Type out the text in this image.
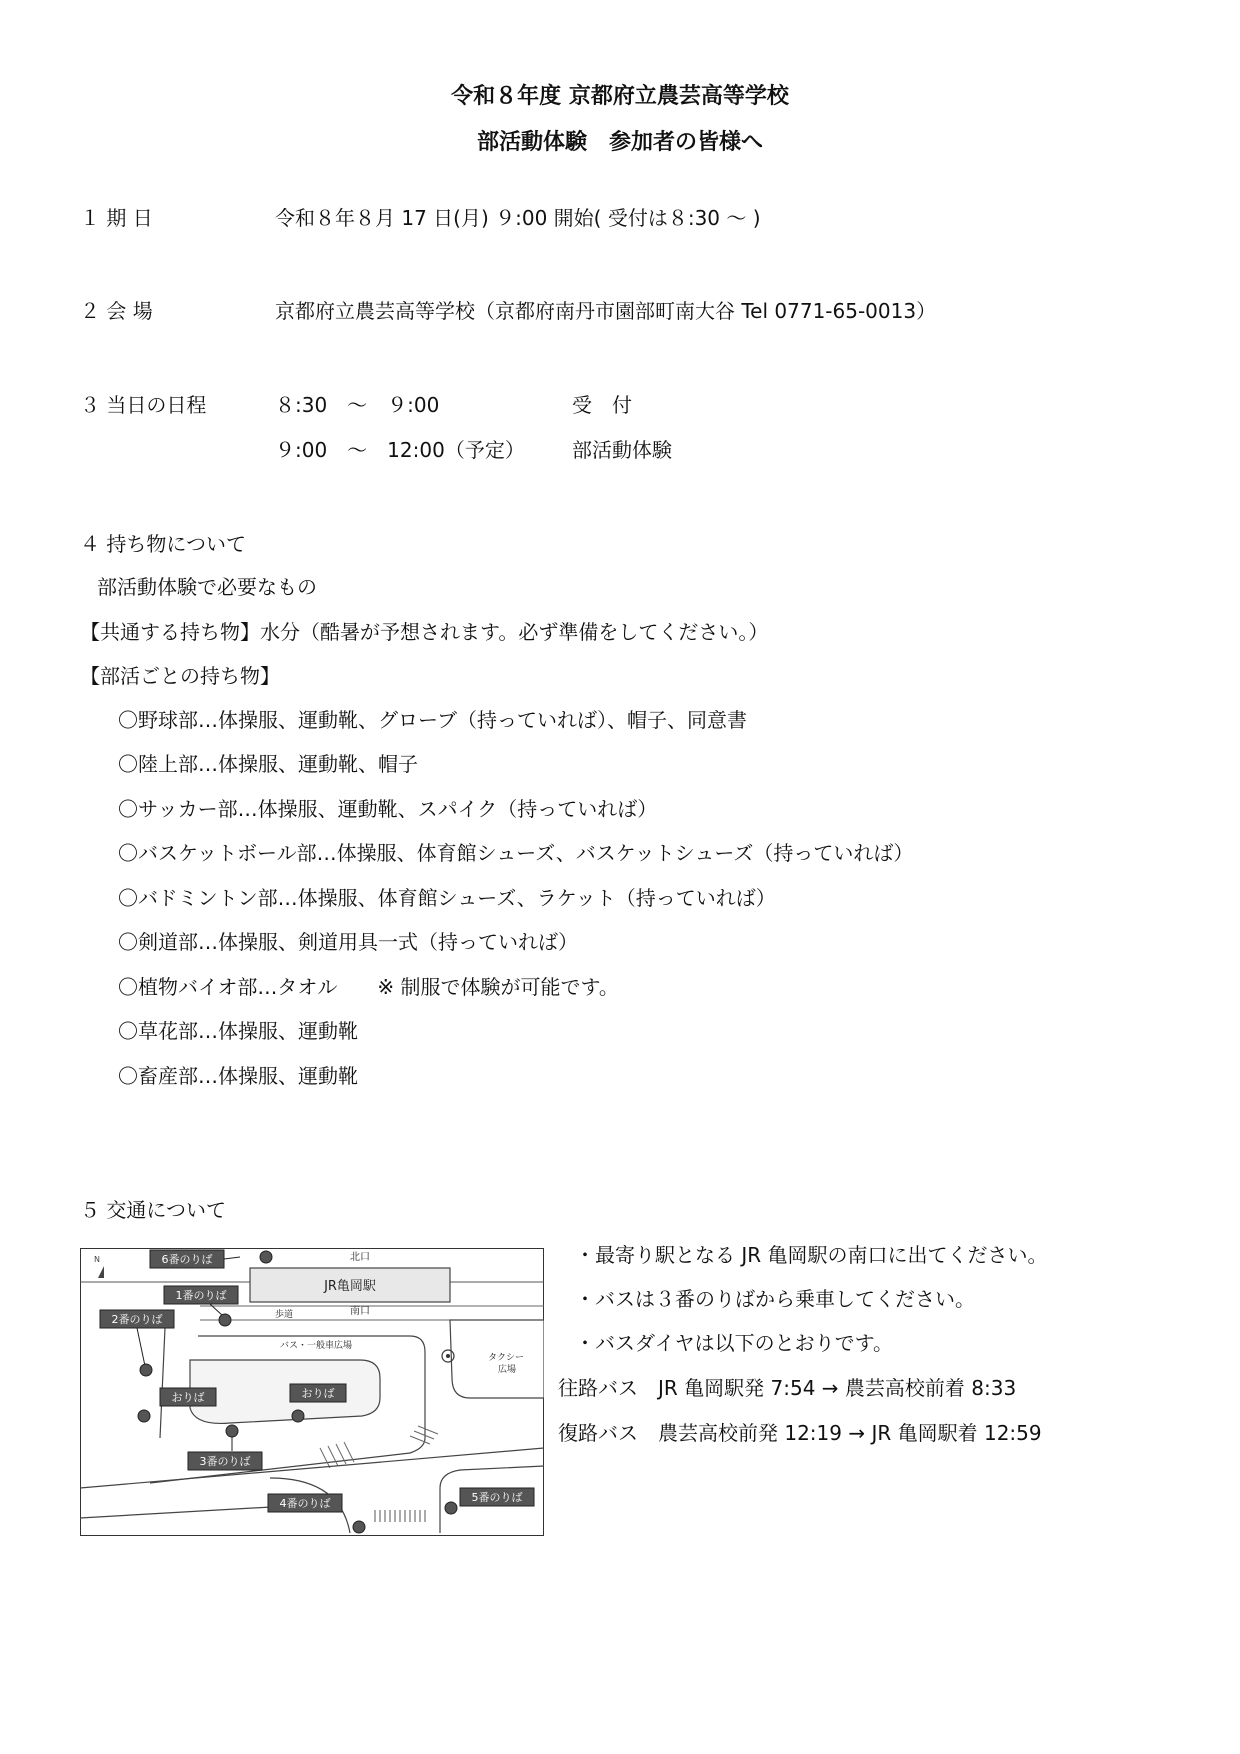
令和８年度 京都府立農芸高等学校
部活動体験　参加者の皆様へ
１ 期 日	令和８年８月 17 日(月) ９:00 開始( 受付は８:30 ～ )
２ 会 場	京都府立農芸高等学校（京都府南丹市園部町南大谷 Tel 0771-65-0013）
３ 当日の日程	８:30　～　９:00	受　付
９:00　～　12:00（予定） 部活動体験
４ 持ち物について
部活動体験で必要なもの
【共通する持ち物】水分（酷暑が予想されます。必ず準備をしてください。）
【部活ごとの持ち物】
〇野球部…体操服、運動靴、グローブ（持っていれば）、帽子、同意書
〇陸上部…体操服、運動靴、帽子
〇サッカー部…体操服、運動靴、スパイク（持っていれば）
〇バスケットボール部…体操服、体育館シューズ、バスケットシューズ（持っていれば）
〇バドミントン部…体操服、体育館シューズ、ラケット（持っていれば）
〇剣道部…体操服、剣道用具一式（持っていれば）
〇植物バイオ部…タオル　　※ 制服で体験が可能です。
〇草花部…体操服、運動靴
〇畜産部…体操服、運動靴
５ 交通について
・最寄り駅となる JR 亀岡駅の南口に出てください。
・バスは３番のりばから乗車してください。
・バスダイヤは以下のとおりです。
往路バス　JR 亀岡駅発 7:54 → 農芸高校前着 8:33
復路バス　農芸高校前発 12:19 → JR 亀岡駅着 12:59
N
JR亀岡駅
北口
南口
歩道
バス・一般車広場
タクシー
広場
6番のりば
1番のりば
2番のりば
おりば	おりば
3番のりば
4番のりば	5番のりば
